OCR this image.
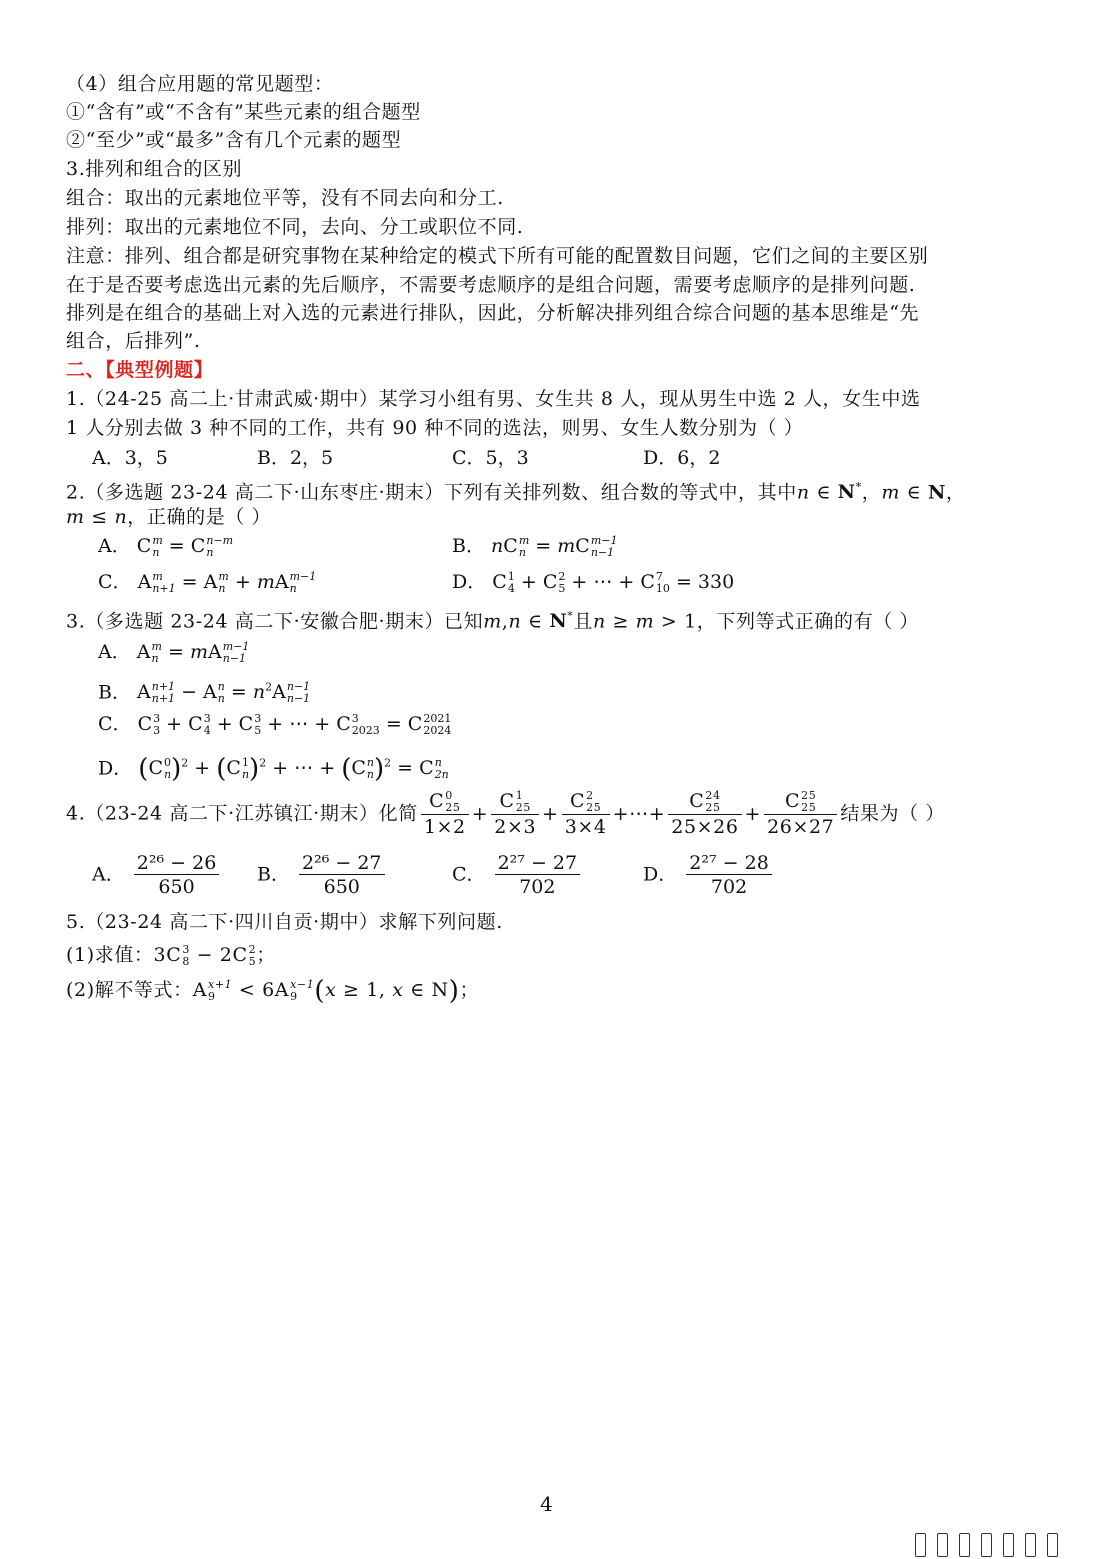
（4）组合应用题的常见题型：
①“含有”或“不含有”某些元素的组合题型
②“至少”或“最多”含有几个元素的题型
3.排列和组合的区别
组合：取出的元素地位平等，没有不同去向和分工.
排列：取出的元素地位不同，去向、分工或职位不同.
注意：排列、组合都是研究事物在某种给定的模式下所有可能的配置数目问题，它们之间的主要区别
在于是否要考虑选出元素的先后顺序，不需要考虑顺序的是组合问题，需要考虑顺序的是排列问题.
排列是在组合的基础上对入选的元素进行排队，因此，分析解决排列组合综合问题的基本思维是“先
组合，后排列”.
二、【典型例题】
1.（24-25 高二上·甘肃武威·期中）某学习小组有男、女生共 8 人，现从男生中选 2 人，女生中选
1 人分别去做 3 种不同的工作，共有 90 种不同的选法，则男、女生人数分别为（ ）
A．3，5	B．2，5	C．5，3	D．6，2
2.（多选题 23-24 高二下·山东枣庄·期末）下列有关排列数、组合数的等式中，其中n ∈ N*，m ∈ N，
m ≤ n，正确的是（ ）
A． C m
n = C n−m
n	B． nC m
n = mC m−1
n−1
C． A m
n+1 = A m
n + mA m−1
n	D． C 1
4 + C 2
5 + ⋯ + C 7
10 = 330
3.（多选题 23-24 高二下·安徽合肥·期末）已知m,n ∈ N*且n ≥ m > 1，下列等式正确的有（ ）
A． A m
n = mA m−1
n−1
B． A n+1
n+1 − A n
$n = n^2A$ n−1
n−1
C． C 3
3 + C 3
4 + C 3
5 + ⋯ + C 3
2023 = C 2021
2024
D． (C 0
n )$^2$ + (C 1
n )$^2$ + ⋯ + (C n
n )$^2$ = C n
2n
4.（23-24 高二下·江苏镇江·期末）化简 C 0
25
1×2 + C 1
25
2×3 + C 2
25
3×4 +⋯+ C 24
25
25×26 + C 25
25
26×27 结果为（ ）
A． $\frac{\text{2²⁶ − 26}}{650}$ B． $\frac{\text{2²⁶ − 27}}{650}$	C． $\frac{\text{2²⁷ − 27}}{702}$	D． $\frac{\text{2²⁷ − 28}}{702}$
5.（23-24 高二下·四川自贡·期中）求解下列问题.
(1)求值：3C 3
8 − 2C 2
5 ；
(2)解不等式：A x+1
9 < 6A x−1
9 (x ≥ 1, x ∈ N)；
4
